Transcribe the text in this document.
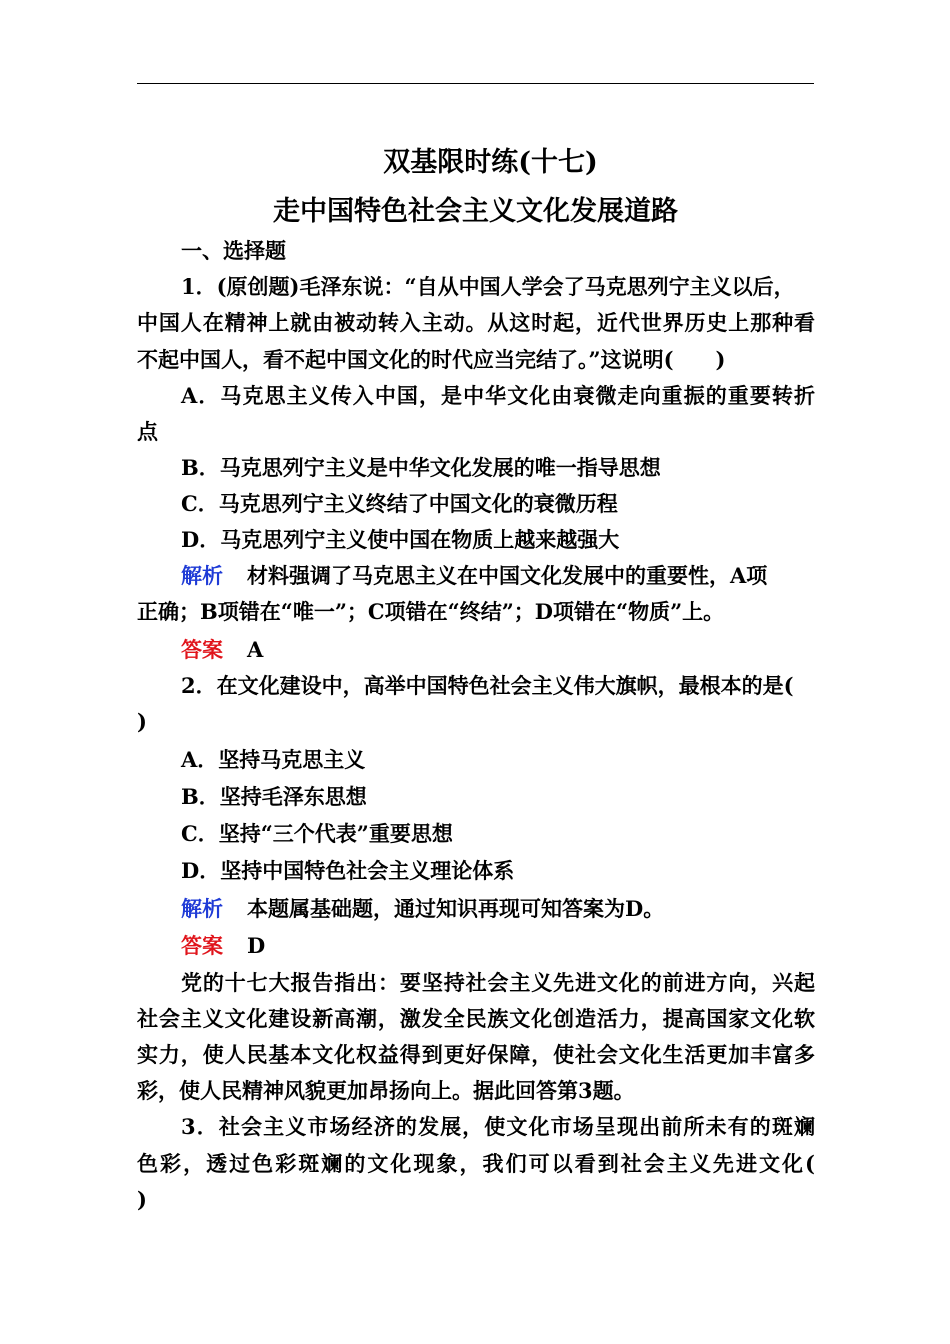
双基限时练(十七)
走中国特色社会主义文化发展道路
一、选择题
1．(原创题)毛泽东说：“自从中国人学会了马克思列宁主义以后，
中国人在精神上就由被动转入主动。从这时起，近代世界历史上那种看
不起中国人，看不起中国文化的时代应当完结了。”这说明(　　)
A．马克思主义传入中国，是中华文化由衰微走向重振的重要转折
点
B．马克思列宁主义是中华文化发展的唯一指导思想
C．马克思列宁主义终结了中国文化的衰微历程
D．马克思列宁主义使中国在物质上越来越强大
解析 材料强调了马克思主义在中国文化发展中的重要性，A项
正确；B项错在“唯一”；C项错在“终结”；D项错在“物质”上。
答案 A
2．在文化建设中，高举中国特色社会主义伟大旗帜，最根本的是(
)
A．坚持马克思主义
B．坚持毛泽东思想
C．坚持“三个代表”重要思想
D．坚持中国特色社会主义理论体系
解析 本题属基础题，通过知识再现可知答案为D。
答案 D
党的十七大报告指出：要坚持社会主义先进文化的前进方向，兴起
社会主义文化建设新高潮，激发全民族文化创造活力，提高国家文化软
实力，使人民基本文化权益得到更好保障，使社会文化生活更加丰富多
彩，使人民精神风貌更加昂扬向上。据此回答第3题。
3．社会主义市场经济的发展，使文化市场呈现出前所未有的斑斓
色彩，透过色彩斑斓的文化现象，我们可以看到社会主义先进文化(
)
